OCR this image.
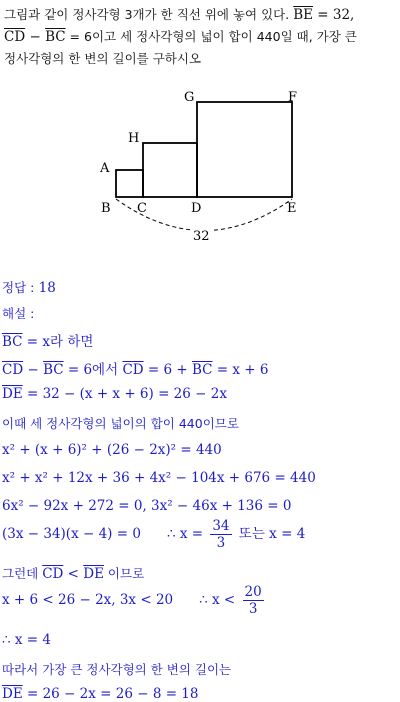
그림과 같이 정사각형 3개가 한 직선 위에 놓여 있다. $\overline{BE} = 32$,
$\overline{CD} - \overline{BC} = 6$이고 세 정사각형의 넓이 합이 440일 때, 가장 큰
정사각형의 한 변의 길이를 구하시오
A
B C	D	E
F
G
H
32
정답 : 18
해설 :
$\overline{BC} = x$라 하면
$\overline{CD} - \overline{BC} = 6$에서 $\overline{CD} = 6 + \overline{BC} = x + 6$
$\overline{DE} = 32 - (x + x + 6) = 26 - 2x$
이때 세 정사각형의 넓이의 합이 440이므로
x² + (x + 6)² + (26 − 2x)² = 440
x² + x² + 12x + 36 + 4x² − 104x + 676 = 440
6x² − 92x + 272 = 0, 3x² − 46x + 136 = 0
(3x − 34)(x − 4) = 0 ∴ $x = \frac{34}{3}$ 또는 x = 4
그런데 $\overline{CD} < \overline{DE}$ 이므로
x + 6 < 26 − 2x, 3x < 20 ∴ $x < \frac{20}{3}$
∴ x = 4
따라서 가장 큰 정사각형의 한 변의 길이는
$\overline{DE} = 26 - 2x = 26 - 8 = 18$
